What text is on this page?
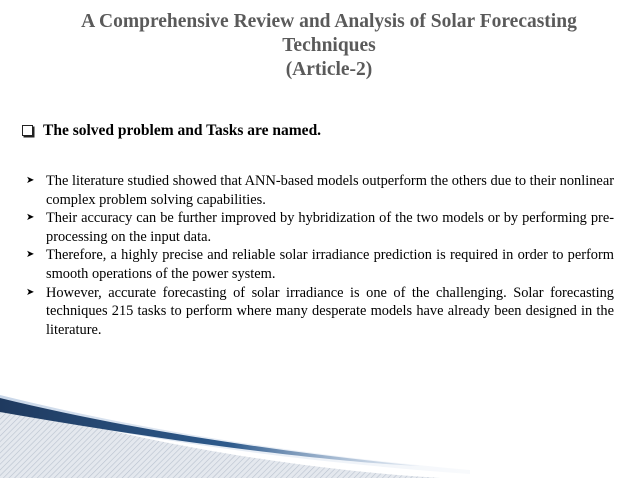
A Comprehensive Review and Analysis of Solar Forecasting
Techniques
(Article-2)
The solved problem and Tasks are named.
➤ The literature studied showed that ANN-based models outperform the others due to their nonlinear complex problem solving capabilities.
➤ Their accuracy can be further improved by hybridization of the two models or by performing pre-processing on the input data.
➤ Therefore, a highly precise and reliable solar irradiance prediction is required in order to perform smooth operations of the power system.
➤ However, accurate forecasting of solar irradiance is one of the challenging. Solar forecasting techniques 215 tasks to perform where many desperate models have already been designed in the literature.
